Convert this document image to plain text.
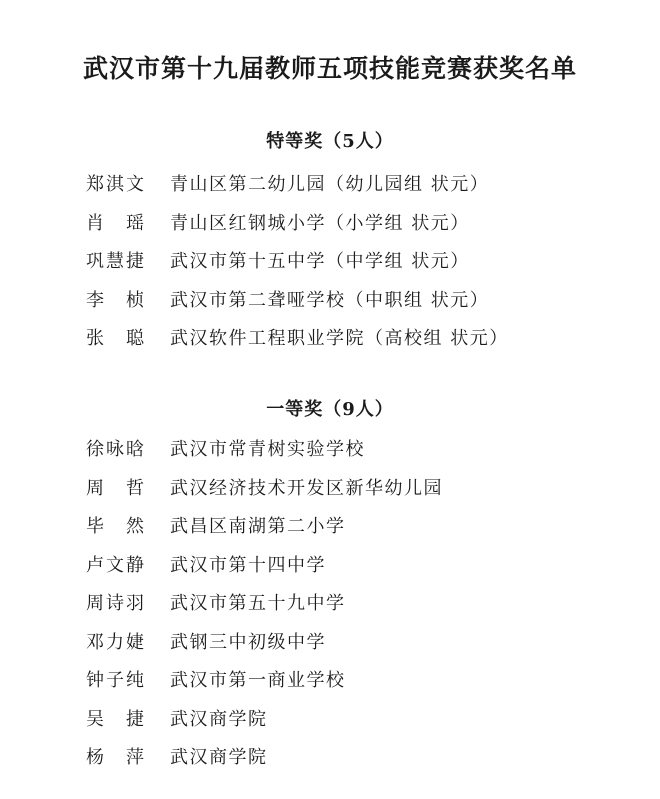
武汉市第十九届教师五项技能竞赛获奖名单
特等奖（5人）
郑淇文	青山区第二幼儿园（幼儿园组 状元）
肖　瑶	青山区红钢城小学（小学组 状元）
巩慧捷	武汉市第十五中学（中学组 状元）
李　桢	武汉市第二聋哑学校（中职组 状元）
张　聪	武汉软件工程职业学院（高校组 状元）
一等奖（9人）
徐咏晗	武汉市常青树实验学校
周　哲	武汉经济技术开发区新华幼儿园
毕　然	武昌区南湖第二小学
卢文静	武汉市第十四中学
周诗羽	武汉市第五十九中学
邓力婕	武钢三中初级中学
钟子纯	武汉市第一商业学校
吴　捷	武汉商学院
杨　萍	武汉商学院
